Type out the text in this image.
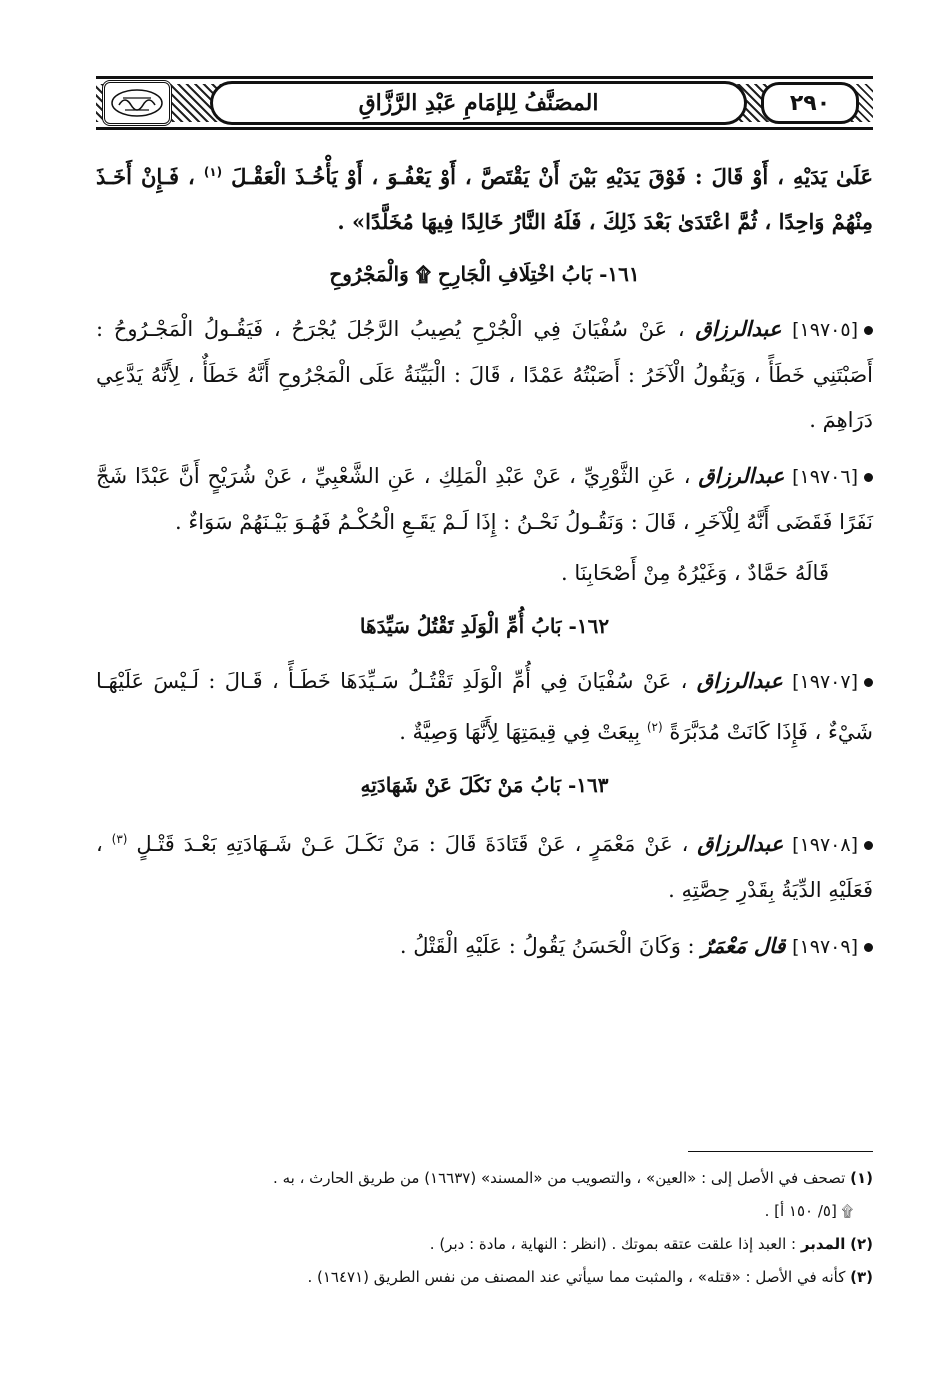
المصَنَّفُ لِلإمَامِ عَبْدِ الرَّزَّاقِ	٢٩٠

عَلَىٰ يَدَيْهِ ، أَوْ قَالَ : فَوْقَ يَدَيْهِ بَيْنَ أَنْ يَقْتَصَّ ، أَوْ يَعْفُـوَ ، أَوْ يَأْخُـذَ الْعَقْـلَ $^{(١)}$ ، فَـإِنْ أَخَـذَ مِنْهُمْ وَاحِدًا ، ثُمَّ اعْتَدَىٰ بَعْدَ ذَلِكَ ، فَلَهُ النَّارُ خَالِدًا فِيهَا مُخَلَّدًا» .

١٦١- بَابُ اخْتِلَافِ الْجَارِحِ ۩ وَالْمَجْرُوحِ

[١٩٧٠٥] عبدالرزاق ، عَنْ سُفْيَانَ فِي الْجُرْحِ يُصِيبُ الرَّجُلَ يُجْرَحُ ، فَيَقُـولُ الْمَجْـرُوحُ : أَصَبْتَنِي خَطَأً ، وَيَقُولُ الْآخَرُ : أَصَبْتُهُ عَمْدًا ، قَالَ : الْبَيِّنَةُ عَلَى الْمَجْرُوحِ أَنَّهُ خَطَأٌ ، لِأَنَّهُ يَدَّعِي دَرَاهِمَ .

[١٩٧٠٦] عبدالرزاق ، عَنِ الثَّوْرِيِّ ، عَنْ عَبْدِ الْمَلِكِ ، عَنِ الشَّعْبِيِّ ، عَنْ شُرَيْحٍ أَنَّ عَبْدًا شَجَّ نَفَرًا فَقَضَى أَنَّهُ لِلْآخَرِ ، قَالَ : وَنَقُـولُ نَحْـنُ : إِذَا لَـمْ يَقَـعِ الْحُكْـمُ فَهُـوَ بَيْـنَهُمْ سَوَاءٌ .

قَالَهُ حَمَّادٌ ، وَغَيْرُهُ مِنْ أَصْحَابِنَا .

١٦٢- بَابُ أُمِّ الْوَلَدِ تَقْتُلُ سَيِّدَهَا

[١٩٧٠٧] عبدالرزاق ، عَنْ سُفْيَانَ فِي أُمِّ الْوَلَدِ تَقْتُـلُ سَـيِّدَهَا خَطَـأً ، قَـالَ : لَـيْسَ عَلَيْهَـا شَيْءٌ ، فَإِذَا كَانَتْ مُدَبَّرَةً $^{(٢)}$ بِيعَتْ فِي قِيمَتِهَا لِأَنَّهَا وَصِيَّةٌ .

١٦٣- بَابُ مَنْ نَكَلَ عَنْ شَهَادَتِهِ

[١٩٧٠٨] عبدالرزاق ، عَنْ مَعْمَرٍ ، عَنْ قَتَادَةَ قَالَ : مَنْ نَكَـلَ عَـنْ شَـهَادَتِهِ بَعْـدَ قَتْـلٍ $^{(٣)}$ ، فَعَلَيْهِ الدِّيَةُ بِقَدْرِ حِصَّتِهِ .

[١٩٧٠٩] قال مَعْمَرٌ : وَكَانَ الْحَسَنُ يَقُولُ : عَلَيْهِ الْقَتْلُ .

(١) تصحف في الأصل إلى : «العين» ، والتصويب من «المسند» (١٦٦٣٧) من طريق الحارث ، به .

۩ [٥/ ١٥٠ أ] .

(٢) المدبر : العبد إذا علقت عتقه بموتك . (انظر : النهاية ، مادة : دبر) .

(٣) كأنه في الأصل : «قتله» ، والمثبت مما سيأتي عند المصنف من نفس الطريق (١٦٤٧١) .
